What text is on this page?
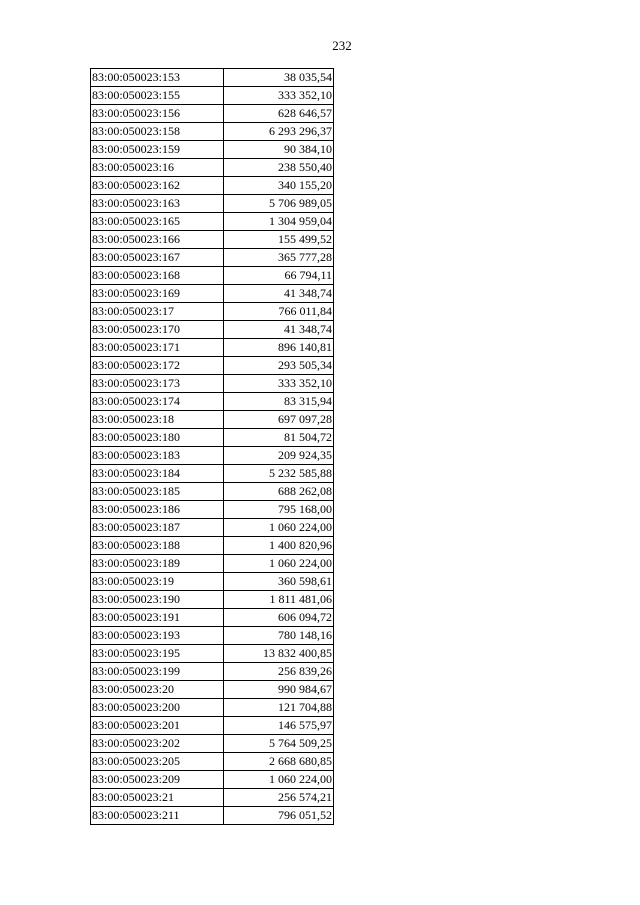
232
83:00:050023:153	38 035,54
83:00:050023:155	333 352,10
83:00:050023:156	628 646,57
83:00:050023:158	6 293 296,37
83:00:050023:159	90 384,10
83:00:050023:16	238 550,40
83:00:050023:162	340 155,20
83:00:050023:163	5 706 989,05
83:00:050023:165	1 304 959,04
83:00:050023:166	155 499,52
83:00:050023:167	365 777,28
83:00:050023:168	66 794,11
83:00:050023:169	41 348,74
83:00:050023:17	766 011,84
83:00:050023:170	41 348,74
83:00:050023:171	896 140,81
83:00:050023:172	293 505,34
83:00:050023:173	333 352,10
83:00:050023:174	83 315,94
83:00:050023:18	697 097,28
83:00:050023:180	81 504,72
83:00:050023:183	209 924,35
83:00:050023:184	5 232 585,88
83:00:050023:185	688 262,08
83:00:050023:186	795 168,00
83:00:050023:187	1 060 224,00
83:00:050023:188	1 400 820,96
83:00:050023:189	1 060 224,00
83:00:050023:19	360 598,61
83:00:050023:190	1 811 481,06
83:00:050023:191	606 094,72
83:00:050023:193	780 148,16
83:00:050023:195	13 832 400,85
83:00:050023:199	256 839,26
83:00:050023:20	990 984,67
83:00:050023:200	121 704,88
83:00:050023:201	146 575,97
83:00:050023:202	5 764 509,25
83:00:050023:205	2 668 680,85
83:00:050023:209	1 060 224,00
83:00:050023:21	256 574,21
83:00:050023:211	796 051,52
